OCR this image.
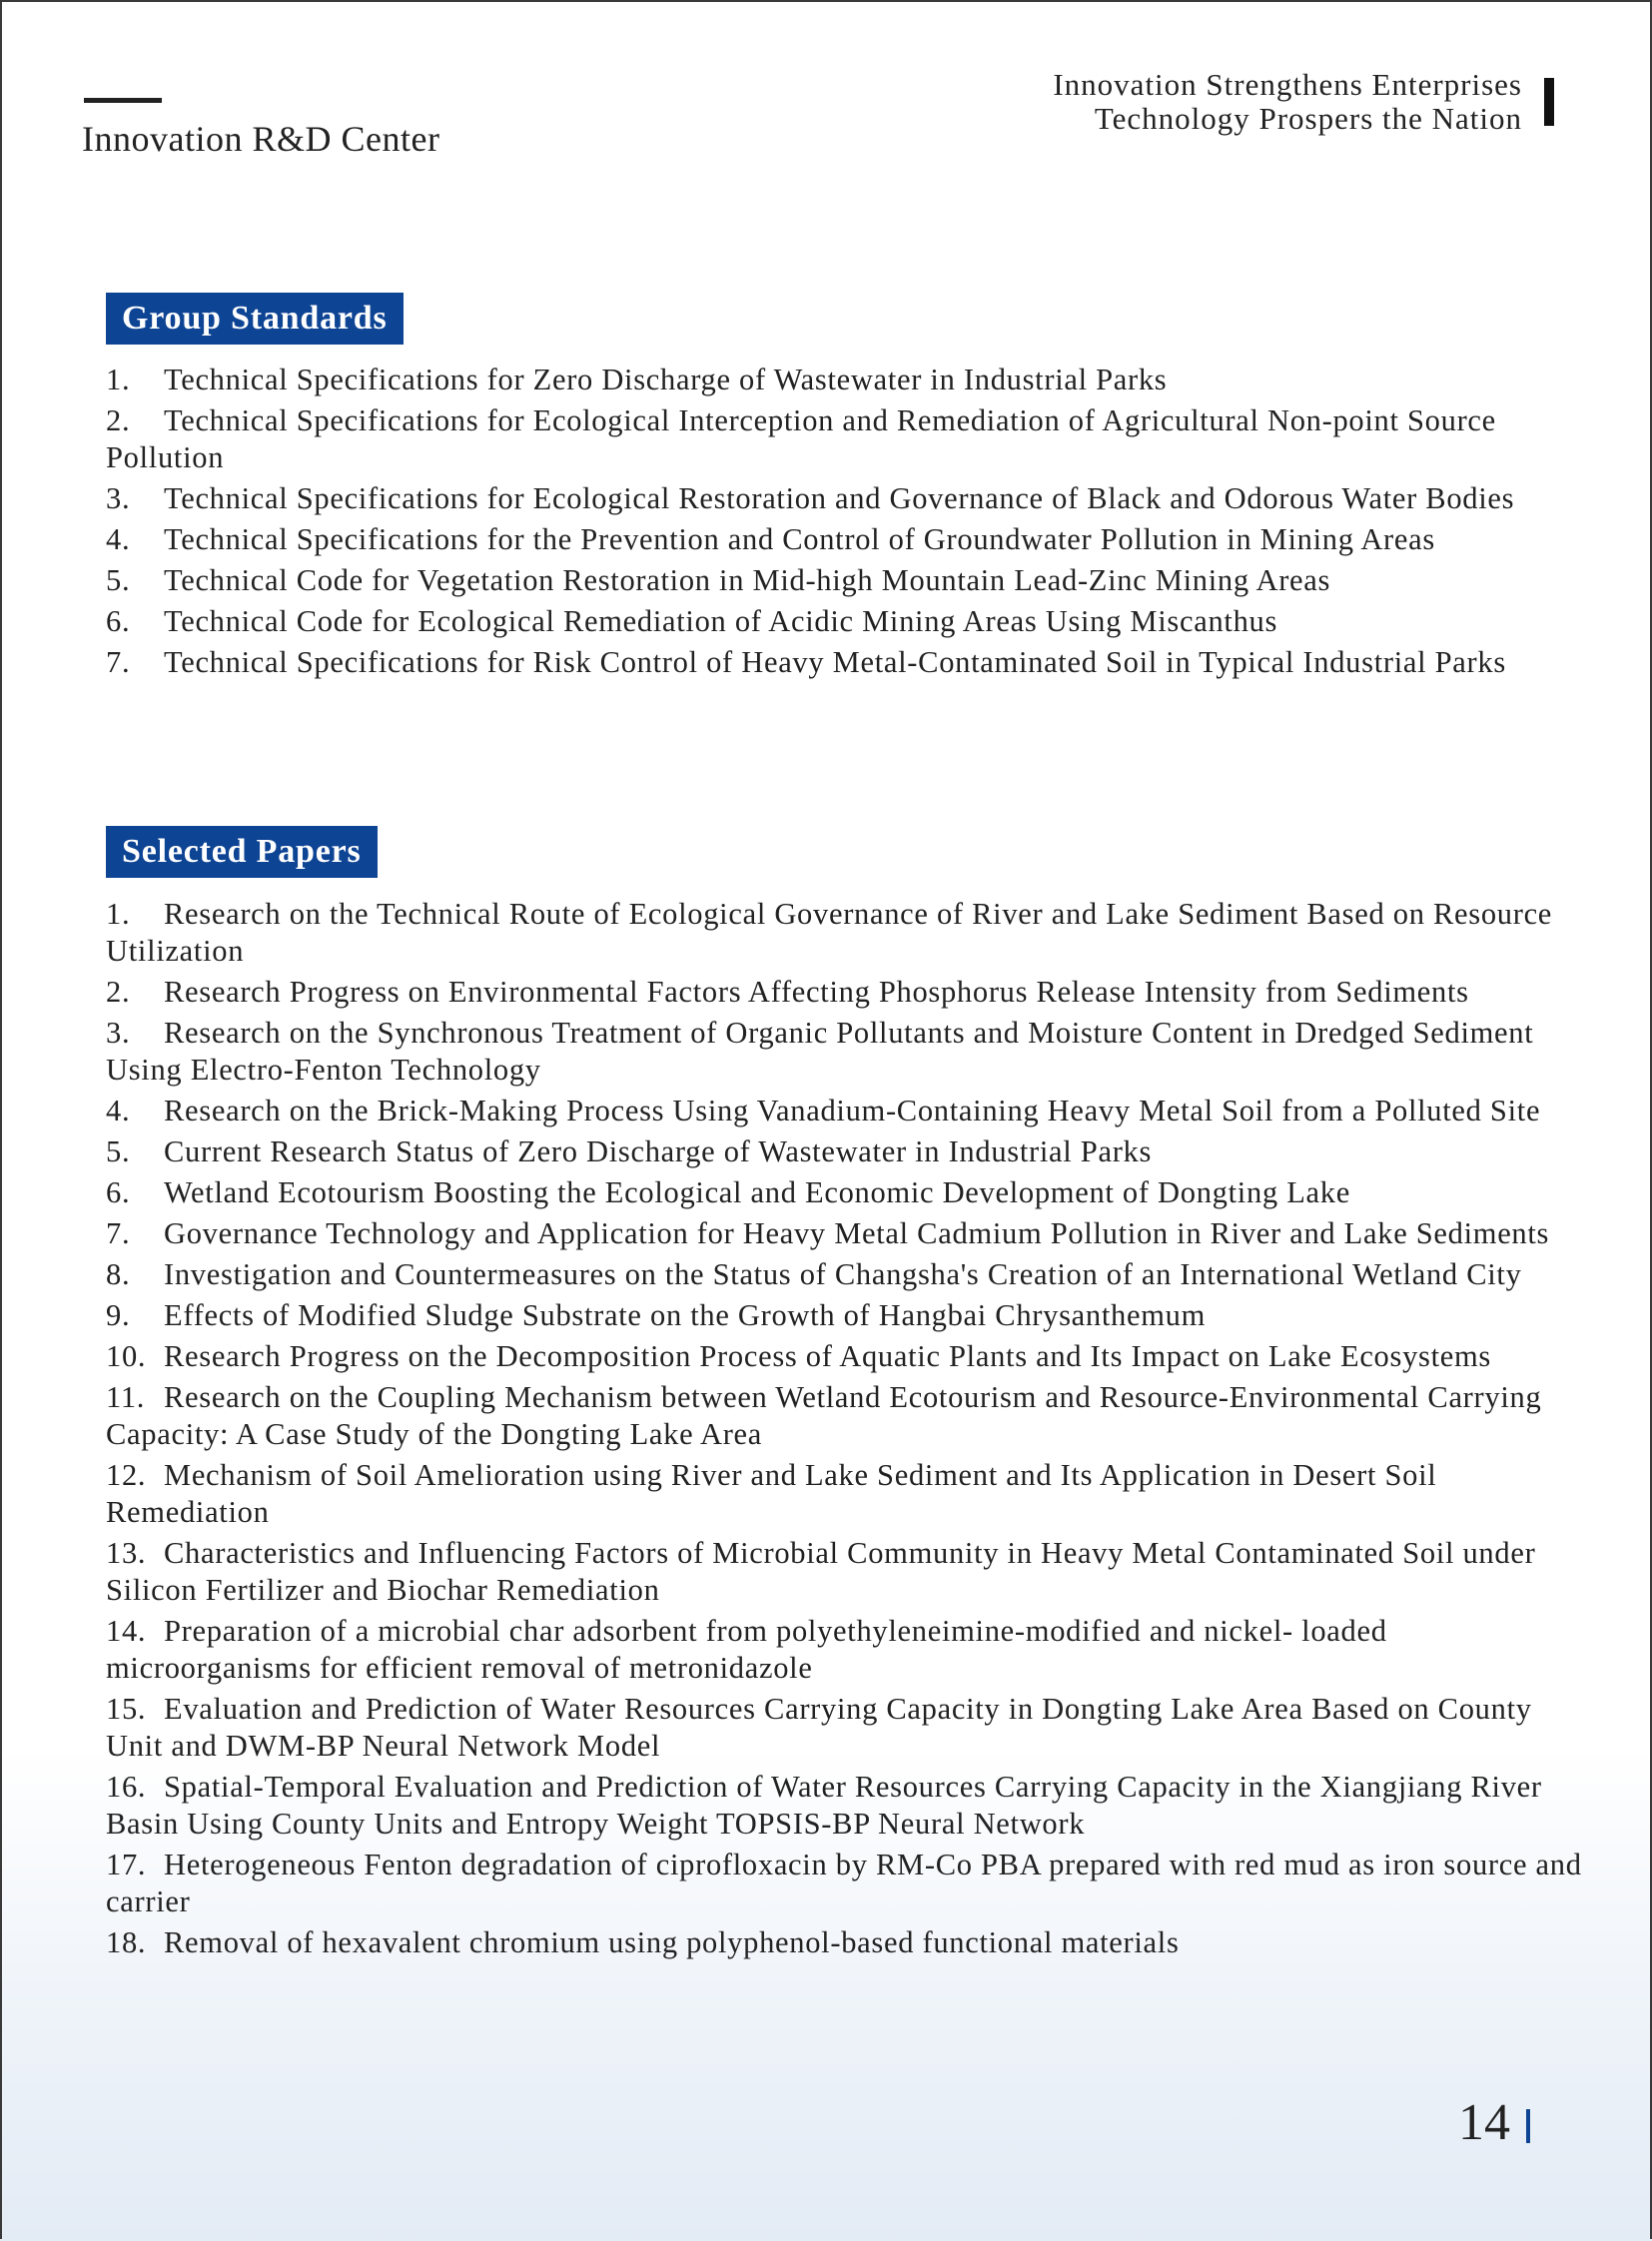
Innovation R&D Center
Innovation Strengthens Enterprises
Technology Prospers the Nation
Group Standards
1. Technical Specifications for Zero Discharge of Wastewater in Industrial Parks
2. Technical Specifications for Ecological Interception and Remediation of Agricultural Non-point Source Pollution
3. Technical Specifications for Ecological Restoration and Governance of Black and Odorous Water Bodies
4. Technical Specifications for the Prevention and Control of Groundwater Pollution in Mining Areas
5. Technical Code for Vegetation Restoration in Mid-high Mountain Lead-Zinc Mining Areas
6. Technical Code for Ecological Remediation of Acidic Mining Areas Using Miscanthus
7. Technical Specifications for Risk Control of Heavy Metal-Contaminated Soil in Typical Industrial Parks
Selected Papers
1. Research on the Technical Route of Ecological Governance of River and Lake Sediment Based on Resource Utilization
2. Research Progress on Environmental Factors Affecting Phosphorus Release Intensity from Sediments
3. Research on the Synchronous Treatment of Organic Pollutants and Moisture Content in Dredged Sediment Using Electro-Fenton Technology
4. Research on the Brick-Making Process Using Vanadium-Containing Heavy Metal Soil from a Polluted Site
5. Current Research Status of Zero Discharge of Wastewater in Industrial Parks
6. Wetland Ecotourism Boosting the Ecological and Economic Development of Dongting Lake
7. Governance Technology and Application for Heavy Metal Cadmium Pollution in River and Lake Sediments
8. Investigation and Countermeasures on the Status of Changsha's Creation of an International Wetland City
9. Effects of Modified Sludge Substrate on the Growth of Hangbai Chrysanthemum
10. Research Progress on the Decomposition Process of Aquatic Plants and Its Impact on Lake Ecosystems
11. Research on the Coupling Mechanism between Wetland Ecotourism and Resource-Environmental Carrying Capacity: A Case Study of the Dongting Lake Area
12. Mechanism of Soil Amelioration using River and Lake Sediment and Its Application in Desert Soil Remediation
13. Characteristics and Influencing Factors of Microbial Community in Heavy Metal Contaminated Soil under Silicon Fertilizer and Biochar Remediation
14. Preparation of a microbial char adsorbent from polyethyleneimine-modified and nickel- loaded microorganisms for efficient removal of metronidazole
15. Evaluation and Prediction of Water Resources Carrying Capacity in Dongting Lake Area Based on County Unit and DWM-BP Neural Network Model
16. Spatial-Temporal Evaluation and Prediction of Water Resources Carrying Capacity in the Xiangjiang River Basin Using County Units and Entropy Weight TOPSIS-BP Neural Network
17. Heterogeneous Fenton degradation of ciprofloxacin by RM-Co PBA prepared with red mud as iron source and carrier
18. Removal of hexavalent chromium using polyphenol-based functional materials
14
